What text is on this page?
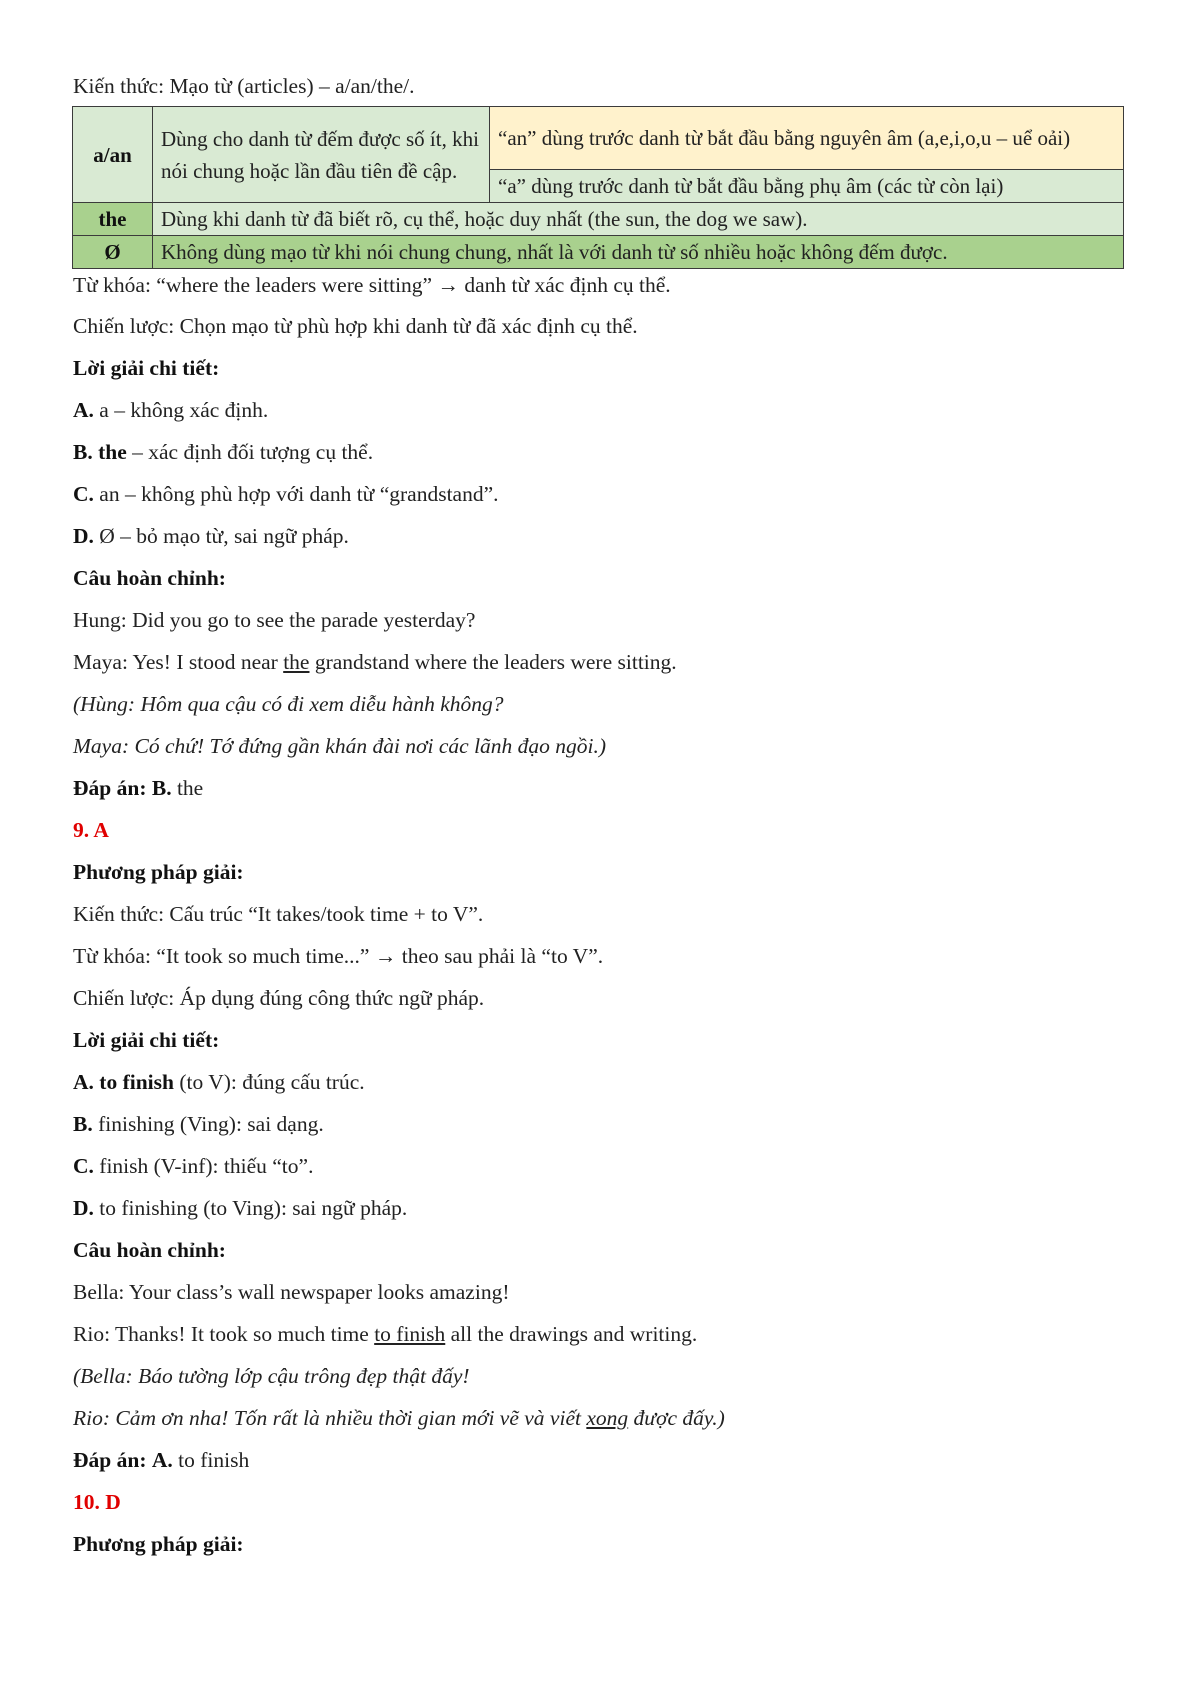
Kiến thức: Mạo từ (articles) – a/an/the/.
a/an	Dùng cho danh từ đếm được số ít, khi nói chung hoặc lần đầu tiên đề cập.	“an” dùng trước danh từ bắt đầu bằng nguyên âm (a,e,i,o,u – uể oải)
		“a” dùng trước danh từ bắt đầu bằng phụ âm (các từ còn lại)
the	Dùng khi danh từ đã biết rõ, cụ thể, hoặc duy nhất (the sun, the dog we saw).	
Ø	Không dùng mạo từ khi nói chung chung, nhất là với danh từ số nhiều hoặc không đếm được.	
Từ khóa: “where the leaders were sitting” → danh từ xác định cụ thể.
Chiến lược: Chọn mạo từ phù hợp khi danh từ đã xác định cụ thể.
Lời giải chi tiết:
A. a – không xác định.
B. the – xác định đối tượng cụ thể.
C. an – không phù hợp với danh từ “grandstand”.
D. Ø – bỏ mạo từ, sai ngữ pháp.
Câu hoàn chỉnh:
Hung: Did you go to see the parade yesterday?
Maya: Yes! I stood near the grandstand where the leaders were sitting.
(Hùng: Hôm qua cậu có đi xem diễu hành không?
Maya: Có chứ! Tớ đứng gần khán đài nơi các lãnh đạo ngồi.)
Đáp án: B. the
9. A
Phương pháp giải:
Kiến thức: Cấu trúc “It takes/took time + to V”.
Từ khóa: “It took so much time...” → theo sau phải là “to V”.
Chiến lược: Áp dụng đúng công thức ngữ pháp.
Lời giải chi tiết:
A. to finish (to V): đúng cấu trúc.
B. finishing (Ving): sai dạng.
C. finish (V-inf): thiếu “to”.
D. to finishing (to Ving): sai ngữ pháp.
Câu hoàn chỉnh:
Bella: Your class’s wall newspaper looks amazing!
Rio: Thanks! It took so much time to finish all the drawings and writing.
(Bella: Báo tường lớp cậu trông đẹp thật đấy!
Rio: Cảm ơn nha! Tốn rất là nhiều thời gian mới vẽ và viết xong được đấy.)
Đáp án: A. to finish
10. D
Phương pháp giải:
